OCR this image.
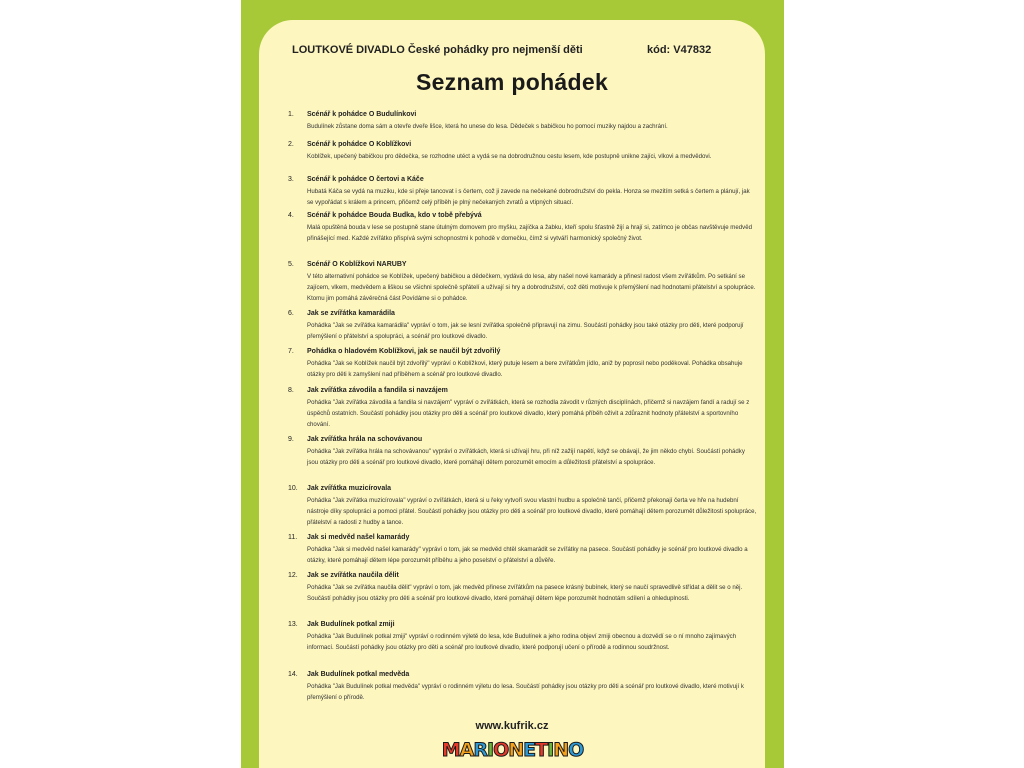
LOUTKOVÉ DIVADLO České pohádky pro nejmenší děti	kód: V47832
Seznam pohádek
1. Scénář k pohádce O Budulínkovi
Budulínek zůstane doma sám a otevře dveře lišce, která ho unese do lesa. Dědeček s babičkou ho pomocí muziky najdou a zachrání.
2. Scénář k pohádce O Koblížkovi
Koblížek, upečený babičkou pro dědečka, se rozhodne utéct a vydá se na dobrodružnou cestu lesem, kde postupně unikne zajíci, vlkovi a medvědovi.
3. Scénář k pohádce O čertovi a Káče
Hubatá Káča se vydá na muziku, kde si přeje tancovat i s čertem, což ji zavede na nečekané dobrodružství do pekla. Honza se mezitím setká s čertem a plánují, jak se vypořádat s králem a princem, přičemž celý příběh je plný nečekaných zvratů a vtipných situací.
4. Scénář k pohádce Bouda Budka, kdo v tobě přebývá
Malá opuštěná bouda v lese se postupně stane útulným domovem pro myšku, zajíčka a žabku, kteří spolu šťastně žijí a hrají si, zatímco je občas navštěvuje medvěd přinášející med. Každé zvířátko přispívá svými schopnostmi k pohodě v domečku, čímž si vytváří harmonický společný život.
5. Scénář O Koblížkovi NARUBY
V této alternativní pohádce se Koblížek, upečený babičkou a dědečkem, vydává do lesa, aby našel nové kamarády a přinesl radost všem zvířátkům. Po setkání se zajícem, vlkem, medvědem a liškou se všichni společně spřátelí a užívají si hry a dobrodružství, což děti motivuje k přemýšlení nad hodnotami přátelství a spolupráce. Ktomu jim pomáhá závěrečná část Povídáme si o pohádce.
6. Jak se zvířátka kamarádila
Pohádka "Jak se zvířátka kamarádila" vypráví o tom, jak se lesní zvířátka společně připravují na zimu. Součástí pohádky jsou také otázky pro děti, které podporují přemýšlení o přátelství a spolupráci, a scénář pro loutkové divadlo.
7. Pohádka o hladovém Koblížkovi, jak se naučil být zdvořilý
Pohádka "Jak se Koblížek naučil být zdvořilý" vypráví o Koblížkovi, který putuje lesem a bere zvířátkům jídlo, aniž by poprosil nebo poděkoval. Pohádka obsahuje otázky pro děti k zamyšlení nad příběhem a scénář pro loutkové divadlo.
8. Jak zvířátka závodila a fandila si navzájem
Pohádka "Jak zvířátka závodila a fandila si navzájem" vypráví o zvířátkách, která se rozhodla závodit v různých disciplínách, přičemž si navzájem fandí a radují se z úspěchů ostatních. Součástí pohádky jsou otázky pro děti a scénář pro loutkové divadlo, který pomáhá příběh oživit a zdůraznit hodnoty přátelství a sportovního chování.
9. Jak zvířátka hrála na schovávanou
Pohádka "Jak zvířátka hrála na schovávanou" vypráví o zvířátkách, která si užívají hru, při níž zažijí napětí, když se obávají, že jim někdo chybí. Součástí pohádky jsou otázky pro děti a scénář pro loutkové divadlo, které pomáhají dětem porozumět emocím a důležitosti přátelství a spolupráce.
10. Jak zvířátka muzicírovala
Pohádka "Jak zvířátka muzicírovala" vypráví o zvířátkách, která si u řeky vytvoří svou vlastní hudbu a společně tančí, přičemž překonají čerta ve hře na hudební nástroje díky spolupráci a pomoci přátel. Součástí pohádky jsou otázky pro děti a scénář pro loutkové divadlo, které pomáhají dětem porozumět důležitosti spolupráce, přátelství a radosti z hudby a tance.
11. Jak si medvěd našel kamarády
Pohádka "Jak si medvěd našel kamarády" vypráví o tom, jak se medvěd chtěl skamarádit se zvířátky na pasece. Součástí pohádky je scénář pro loutkové divadlo a otázky, které pomáhají dětem lépe porozumět příběhu a jeho poselství o přátelství a důvěře.
12. Jak se zvířátka naučila dělit
Pohádka "Jak se zvířátka naučila dělit" vypráví o tom, jak medvěd přinese zvířátkům na pasece krásný bubínek, který se naučí spravedlivě střídat a dělit se o něj. Součástí pohádky jsou otázky pro děti a scénář pro loutkové divadlo, které pomáhají dětem lépe porozumět hodnotám sdílení a ohleduplnosti.
13. Jak Budulínek potkal zmiji
Pohádka "Jak Budulínek potkal zmiji" vypráví o rodinném výletě do lesa, kde Budulínek a jeho rodina objeví zmiji obecnou a dozvědí se o ní mnoho zajímavých informací. Součástí pohádky jsou otázky pro děti a scénář pro loutkové divadlo, které podporují učení o přírodě a rodinnou soudržnost.
14. Jak Budulínek potkal medvěda
Pohádka "Jak Budulínek potkal medvěda" vypráví o rodinném výletu do lesa. Součástí pohádky jsou otázky pro děti a scénář pro loutkové divadlo, které motivují k přemýšlení o přírodě.
www.kufrik.cz
M A R I O N E T I N O
